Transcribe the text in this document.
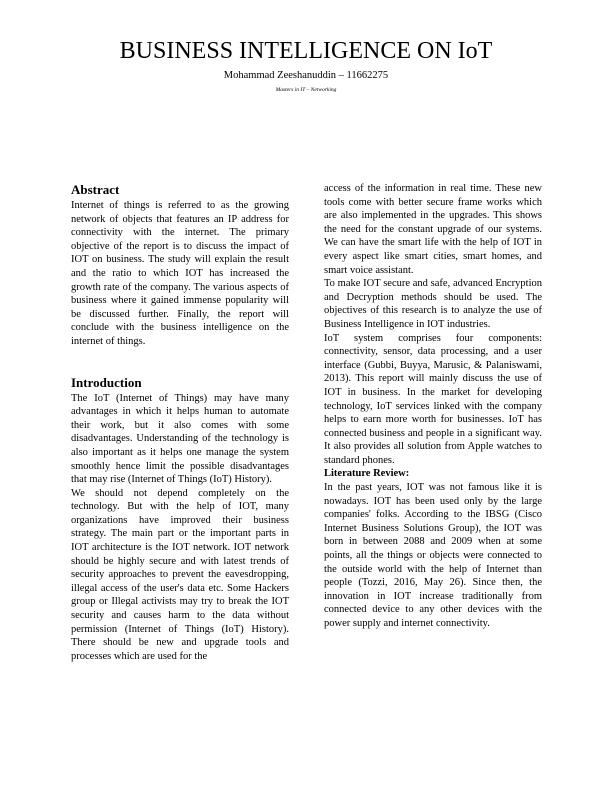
BUSINESS INTELLIGENCE ON IoT
Mohammad Zeeshanuddin – 11662275
Masters in IT – Networking
Abstract

Internet of things is referred to as the growing network of objects that features an IP address for connectivity with the internet. The primary objective of the report is to discuss the impact of IOT on business. The study will explain the result and the ratio to which IOT has increased the growth rate of the company. The various aspects of business where it gained immense popularity will be discussed further. Finally, the report will conclude with the business intelligence on the internet of things.

Introduction

The IoT (Internet of Things) may have many advantages in which it helps human to automate their work, but it also comes with some disadvantages. Understanding of the technology is also important as it helps one manage the system smoothly hence limit the possible disadvantages that may rise (Internet of Things (IoT) History).

We should not depend completely on the technology. But with the help of IOT, many organizations have improved their business strategy. The main part or the important parts in IOT architecture is the IOT network. IOT network should be highly secure and with latest trends of security approaches to prevent the eavesdropping, illegal access of the user's data etc. Some Hackers group or Illegal activists may try to break the IOT security and causes harm to the data without permission (Internet of Things (IoT) History). There should be new and upgrade tools and processes which are used for the

access of the information in real time. These new tools come with better secure frame works which are also implemented in the upgrades. This shows the need for the constant upgrade of our systems. We can have the smart life with the help of IOT in every aspect like smart cities, smart homes, and smart voice assistant.

To make IOT secure and safe, advanced Encryption and Decryption methods should be used. The objectives of this research is to analyze the use of Business Intelligence in IOT industries.

IoT system comprises four components: connectivity, sensor, data processing, and a user interface (Gubbi, Buyya, Marusic, & Palaniswami, 2013). This report will mainly discuss the use of IOT in business. In the market for developing technology, IoT services linked with the company helps to earn more worth for businesses. IoT has connected business and people in a significant way. It also provides all solution from Apple watches to standard phones.

Literature Review:

In the past years, IOT was not famous like it is nowadays. IOT has been used only by the large companies' folks. According to the IBSG (Cisco Internet Business Solutions Group), the IOT was born in between 2088 and 2009 when at some points, all the things or objects were connected to the outside world with the help of Internet than people (Tozzi, 2016, May 26). Since then, the innovation in IOT increase traditionally from connected device to any other devices with the power supply and internet connectivity.
